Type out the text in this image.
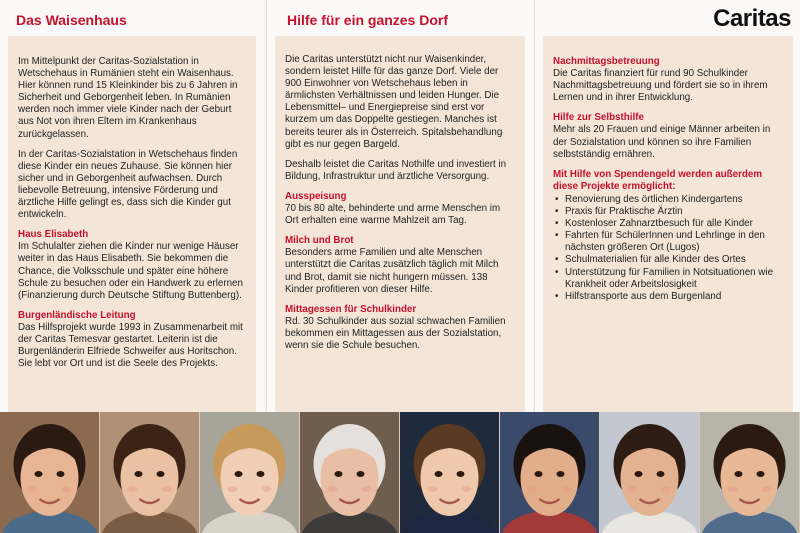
Das Waisenhaus

Im Mittelpunkt der Caritas-Sozialstation in Wetschehaus in Rumänien steht ein Waisenhaus. Hier können rund 15 Kleinkinder bis zu 6 Jahren in Sicherheit und Geborgenheit leben. In Rumänien werden noch immer viele Kinder nach der Geburt aus Not von ihren Eltern im Krankenhaus zurückgelassen.

In der Caritas-Sozialstation in Wetschehaus finden diese Kinder ein neues Zuhause. Sie können hier sicher und in Geborgenheit aufwachsen. Durch liebevolle Betreuung, intensive Förderung und ärztliche Hilfe gelingt es, dass sich die Kinder gut entwickeln.

Haus Elisabeth

Im Schulalter ziehen die Kinder nur wenige Häuser weiter in das Haus Elisabeth. Sie bekommen die Chance, die Volksschule und später eine höhere Schule zu besuchen oder ein Handwerk zu erlernen (Finanzierung durch Deutsche Stiftung Buttenberg).

Burgenländische Leitung

Das Hilfsprojekt wurde 1993 in Zusammenarbeit mit der Caritas Temesvar gestartet. Leiterin ist die Burgenländerin Elfriede Schweifer aus Horitschon. Sie lebt vor Ort und ist die Seele des Projekts.

Hilfe für ein ganzes Dorf

Die Caritas unterstützt nicht nur Waisenkinder, sondern leistet Hilfe für das ganze Dorf. Viele der 900 Einwohner von Wetschehaus leben in ärmlichsten Verhältnissen und leiden Hunger. Die Lebensmittel– und Energiepreise sind erst vor kurzem um das Doppelte gestiegen. Manches ist bereits teurer als in Österreich. Spitalsbehandlung gibt es nur gegen Bargeld.

Deshalb leistet die Caritas Nothilfe und investiert in Bildung, Infrastruktur und ärztliche Versorgung.

Ausspeisung

70 bis 80 alte, behinderte und arme Menschen im Ort erhalten eine warme Mahlzeit am Tag.

Milch und Brot

Besonders arme Familien und alte Menschen unterstützt die Caritas zusätzlich täglich mit Milch und Brot, damit sie nicht hungern müssen. 138 Kinder profitieren von dieser Hilfe.

Mittagessen für Schulkinder

Rd. 30 Schulkinder aus sozial schwachen Familien bekommen ein Mittagessen aus der Sozialstation, wenn sie die Schule besuchen.

Caritas
Nachmittagsbetreuung

Die Caritas finanziert für rund 90 Schulkinder Nachmittagsbetreuung und fördert sie so in ihrem Lernen und in ihrer Entwicklung.

Hilfe zur Selbsthilfe

Mehr als 20 Frauen und einige Männer arbeiten in der Sozialstation und können so ihre Familien selbstständig ernähren.

Mit Hilfe von Spendengeld werden außerdem diese Projekte ermöglicht:
• Renovierung des örtlichen Kindergartens
• Praxis für Praktische Ärztin
• Kostenloser Zahnarztbesuch für alle Kinder
• Fahrten für SchülerInnen und Lehrlinge in den nächsten größeren Ort (Lugos)
• Schulmaterialien für alle Kinder des Ortes
• Unterstützung für Familien in Notsituationen wie Krankheit oder Arbeitslosigkeit
• Hilfstransporte aus dem Burgenland
